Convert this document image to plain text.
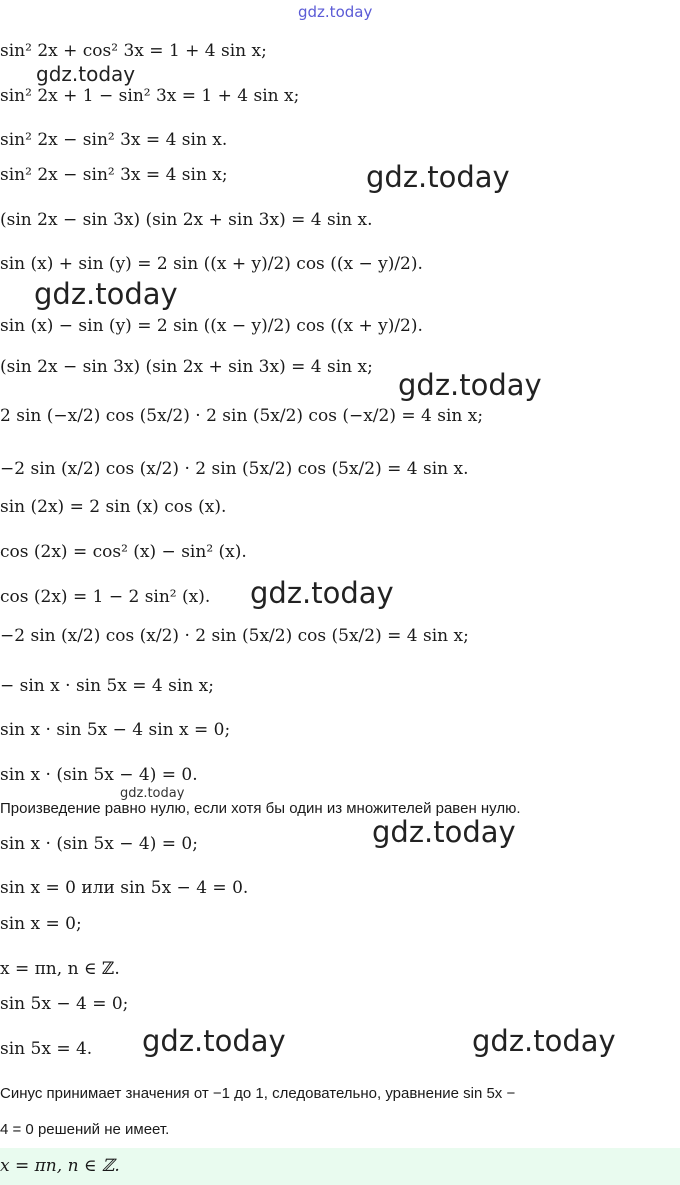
gdz.today
gdz.today
gdz.today
gdz.today
gdz.today
gdz.today
gdz.today
gdz.today
gdz.today	gdz.today
sin² 2x + cos² 3x = 1 + 4 sin x;
sin² 2x + 1 − sin² 3x = 1 + 4 sin x;
sin² 2x − sin² 3x = 4 sin x.
sin² 2x − sin² 3x = 4 sin x;
(sin 2x − sin 3x) (sin 2x + sin 3x) = 4 sin x.
sin (x) + sin (y) = 2 sin ((x + y)/2) cos ((x − y)/2).
sin (x) − sin (y) = 2 sin ((x − y)/2) cos ((x + y)/2).
(sin 2x − sin 3x) (sin 2x + sin 3x) = 4 sin x;
2 sin (−x/2) cos (5x/2) · 2 sin (5x/2) cos (−x/2) = 4 sin x;
−2 sin (x/2) cos (x/2) · 2 sin (5x/2) cos (5x/2) = 4 sin x.
sin (2x) = 2 sin (x) cos (x).
cos (2x) = cos² (x) − sin² (x).
cos (2x) = 1 − 2 sin² (x).
−2 sin (x/2) cos (x/2) · 2 sin (5x/2) cos (5x/2) = 4 sin x;
− sin x · sin 5x = 4 sin x;
sin x · sin 5x − 4 sin x = 0;
sin x · (sin 5x − 4) = 0.
Произведение равно нулю, если хотя бы один из множителей равен нулю.
sin x · (sin 5x − 4) = 0;
sin x = 0 или sin 5x − 4 = 0.
sin x = 0;
x = πn, n ∈ ℤ.
sin 5x − 4 = 0;
sin 5x = 4.
Синус принимает значения от −1 до 1, следовательно, уравнение sin 5x −
4 = 0 решений не имеет.
x = πn, n ∈ ℤ.
